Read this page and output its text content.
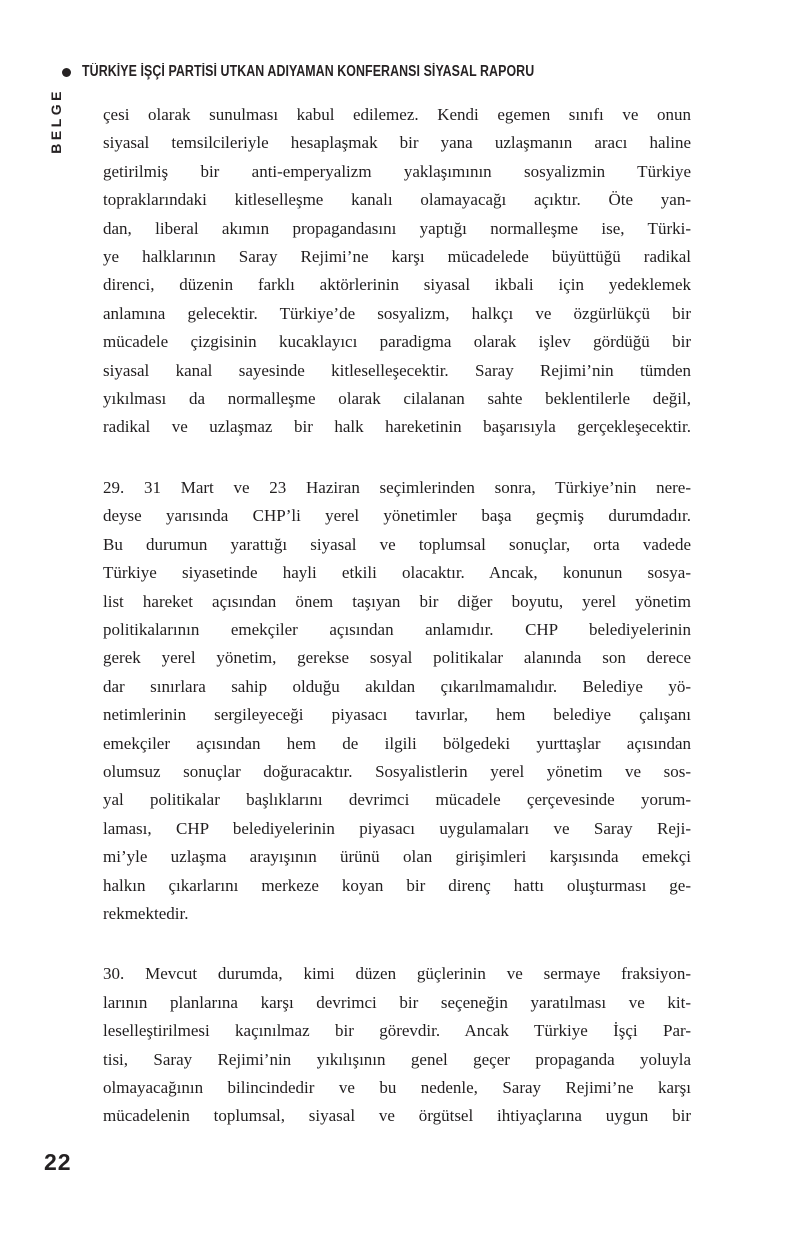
TÜRKİYE İŞÇİ PARTİSİ UTKAN ADIYAMAN KONFERANSI SİYASAL RAPORU
BELGE çesi olarak sunulması kabul edilemez. Kendi egemen sınıfı ve onun
siyasal temsilcileriyle hesaplaşmak bir yana uzlaşmanın aracı haline
getirilmiş bir anti-emperyalizm yaklaşımının sosyalizmin Türkiye
topraklarındaki kitleselleşme kanalı olamayacağı açıktır. Öte yan-
dan, liberal akımın propagandasını yaptığı normalleşme ise, Türki-
ye halklarının Saray Rejimi’ne karşı mücadelede büyüttüğü radikal
direnci, düzenin farklı aktörlerinin siyasal ikbali için yedeklemek
anlamına gelecektir. Türkiye’de sosyalizm, halkçı ve özgürlükçü bir
mücadele çizgisinin kucaklayıcı paradigma olarak işlev gördüğü bir
siyasal kanal sayesinde kitleselleşecektir. Saray Rejimi’nin tümden
yıkılması da normalleşme olarak cilalanan sahte beklentilerle değil,
radikal ve uzlaşmaz bir halk hareketinin başarısıyla gerçekleşecektir.
29. 31 Mart ve 23 Haziran seçimlerinden sonra, Türkiye’nin nere-
deyse yarısında CHP’li yerel yönetimler başa geçmiş durumdadır.
Bu durumun yarattığı siyasal ve toplumsal sonuçlar, orta vadede
Türkiye siyasetinde hayli etkili olacaktır. Ancak, konunun sosya-
list hareket açısından önem taşıyan bir diğer boyutu, yerel yönetim
politikalarının emekçiler açısından anlamıdır. CHP belediyelerinin
gerek yerel yönetim, gerekse sosyal politikalar alanında son derece
dar sınırlara sahip olduğu akıldan çıkarılmamalıdır. Belediye yö-
netimlerinin sergileyeceği piyasacı tavırlar, hem belediye çalışanı
emekçiler açısından hem de ilgili bölgedeki yurttaşlar açısından
olumsuz sonuçlar doğuracaktır. Sosyalistlerin yerel yönetim ve sos-
yal politikalar başlıklarını devrimci mücadele çerçevesinde yorum-
laması, CHP belediyelerinin piyasacı uygulamaları ve Saray Reji-
mi’yle uzlaşma arayışının ürünü olan girişimleri karşısında emekçi
halkın çıkarlarını merkeze koyan bir direnç hattı oluşturması ge-
rekmektedir.
30. Mevcut durumda, kimi düzen güçlerinin ve sermaye fraksiyon-
larının planlarına karşı devrimci bir seçeneğin yaratılması ve kit-
leselleştirilmesi kaçınılmaz bir görevdir. Ancak Türkiye İşçi Par-
tisi, Saray Rejimi’nin yıkılışının genel geçer propaganda yoluyla
olmayacağının bilincindedir ve bu nedenle, Saray Rejimi’ne karşı
mücadelenin toplumsal, siyasal ve örgütsel ihtiyaçlarına uygun bir
22
